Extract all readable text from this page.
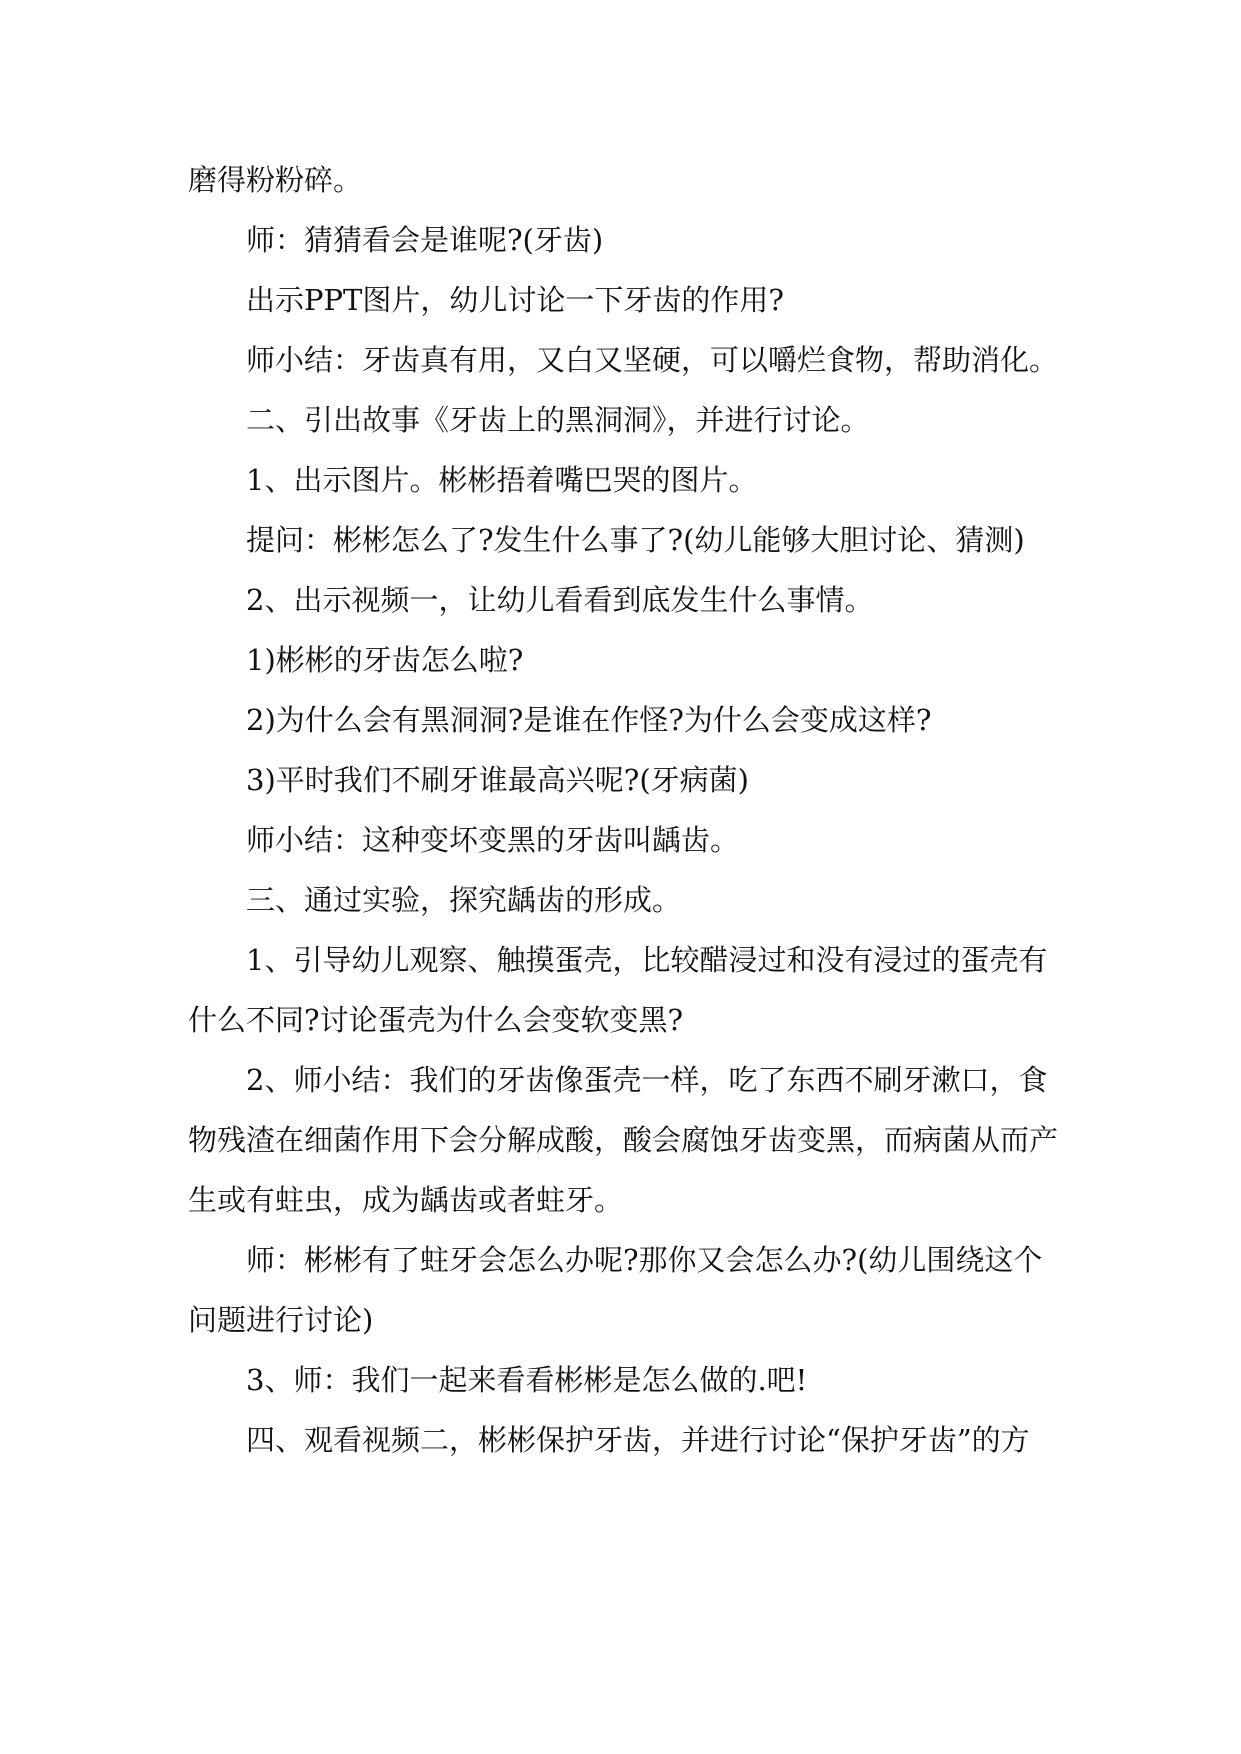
磨得粉粉碎。
师：猜猜看会是谁呢?(牙齿)
出示PPT图片，幼儿讨论一下牙齿的作用?
师小结：牙齿真有用，又白又坚硬，可以嚼烂食物，帮助消化。
二、引出故事《牙齿上的黑洞洞》，并进行讨论。
1、出示图片。彬彬捂着嘴巴哭的图片。
提问：彬彬怎么了?发生什么事了?(幼儿能够大胆讨论、猜测)
2、出示视频一，让幼儿看看到底发生什么事情。
1)彬彬的牙齿怎么啦?
2)为什么会有黑洞洞?是谁在作怪?为什么会变成这样?
3)平时我们不刷牙谁最高兴呢?(牙病菌)
师小结：这种变坏变黑的牙齿叫龋齿。
三、通过实验，探究龋齿的形成。
1、引导幼儿观察、触摸蛋壳，比较醋浸过和没有浸过的蛋壳有
什么不同?讨论蛋壳为什么会变软变黑?
2、师小结：我们的牙齿像蛋壳一样，吃了东西不刷牙漱口，食
物残渣在细菌作用下会分解成酸，酸会腐蚀牙齿变黑，而病菌从而产
生或有蛀虫，成为龋齿或者蛀牙。
师：彬彬有了蛀牙会怎么办呢?那你又会怎么办?(幼儿围绕这个
问题进行讨论)
3、师：我们一起来看看彬彬是怎么做的.吧!
四、观看视频二，彬彬保护牙齿，并进行讨论“保护牙齿”的方
